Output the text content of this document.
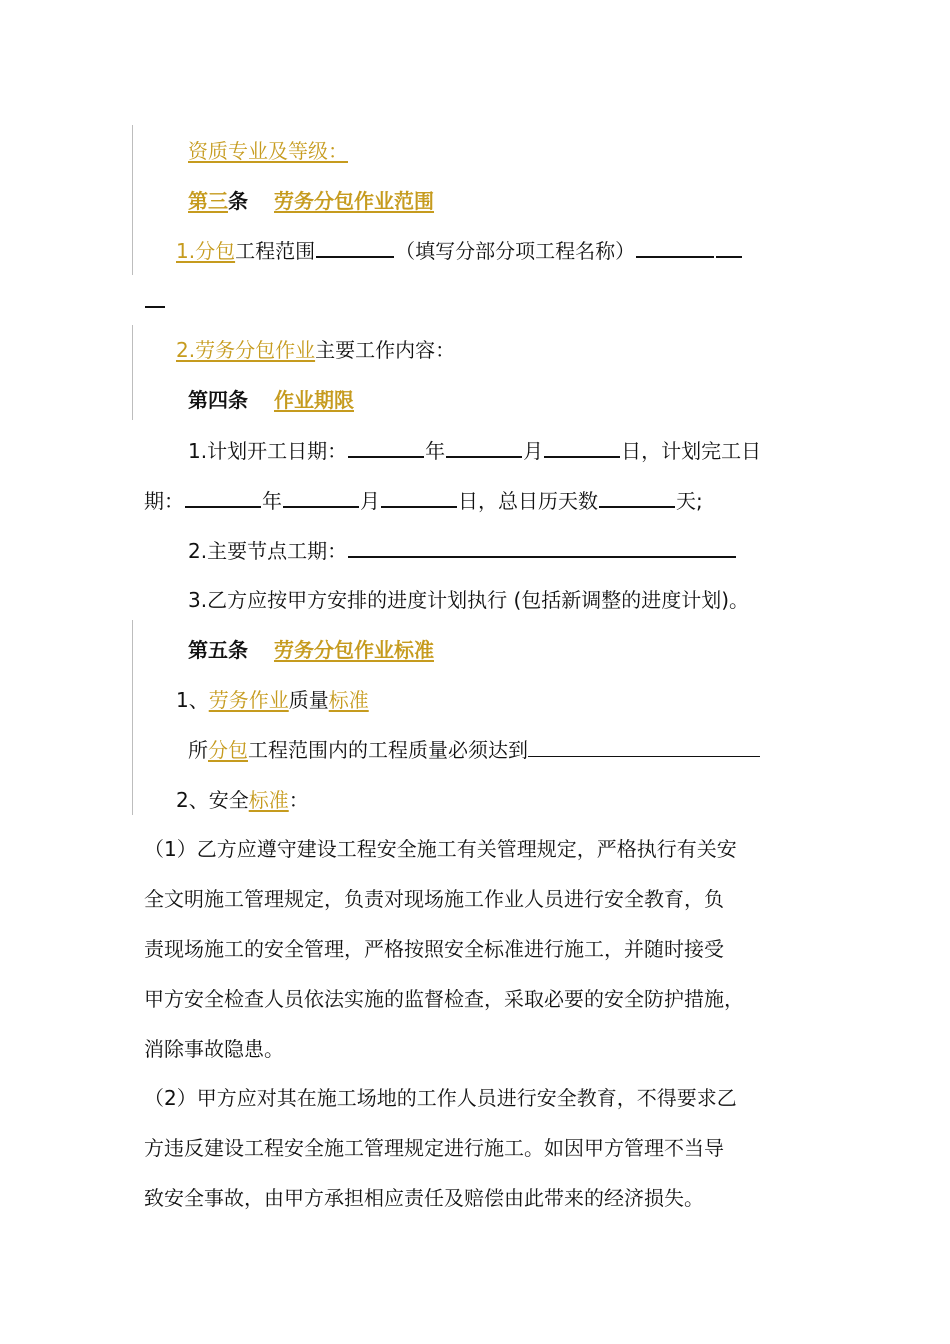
资质专业及等级：
第三条 劳务分包作业范围
1.分包工程范围	（填写分部分项工程名称）
2.劳务分包作业主要工作内容：
第四条 作业期限
1.计划开工日期：	年	月	日，计划完工日
期：	年	月	日，总日历天数	天;
2.主要节点工期：
3.乙方应按甲方安排的进度计划执行 (包括新调整的进度计划)。
第五条 劳务分包作业标准
1、劳务作业质量标准
所分包工程范围内的工程质量必须达到
2、安全标准：
（1）乙方应遵守建设工程安全施工有关管理规定，严格执行有关安
全文明施工管理规定，负责对现场施工作业人员进行安全教育，负
责现场施工的安全管理，严格按照安全标准进行施工，并随时接受
甲方安全检查人员依法实施的监督检查，采取必要的安全防护措施，
消除事故隐患。
（2）甲方应对其在施工场地的工作人员进行安全教育，不得要求乙
方违反建设工程安全施工管理规定进行施工。如因甲方管理不当导
致安全事故，由甲方承担相应责任及赔偿由此带来的经济损失。
